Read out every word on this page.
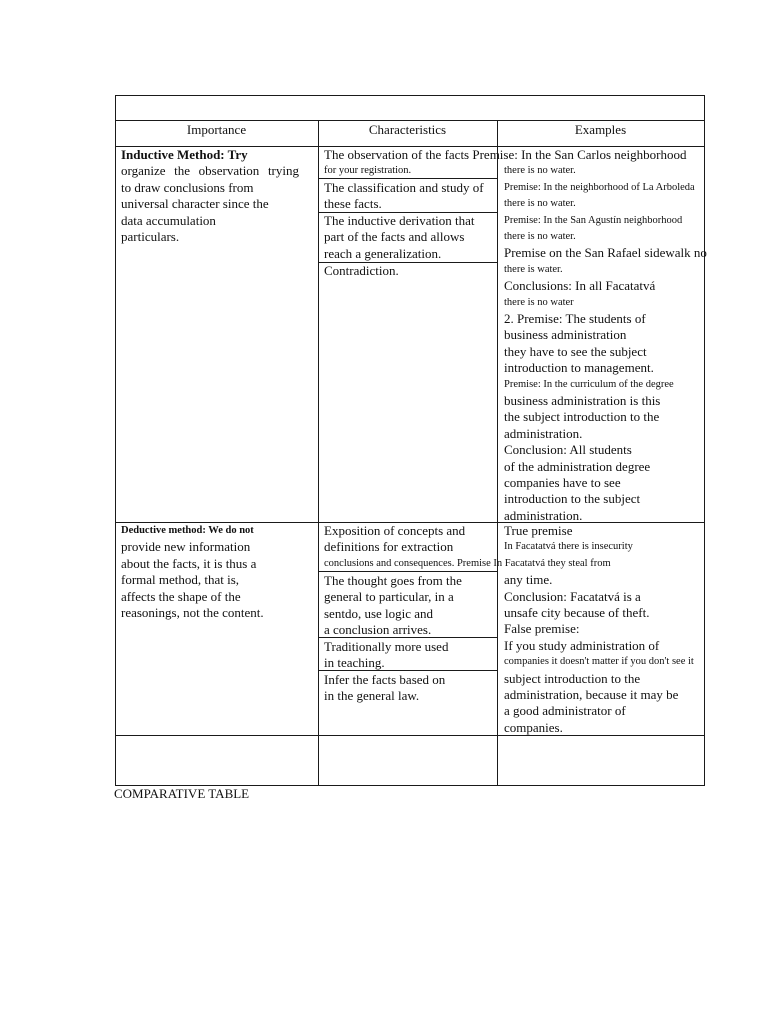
Importance	Characteristics	Examples
COMPARATIVE TABLE
Inductive Method: Try
organize the observation trying
to draw conclusions from
universal character since the
data accumulation
particulars.
The observation of the facts Premise: In the San Carlos neighborhood
for your registration.
The classification and study of
these facts.
The inductive derivation that
part of the facts and allows
reach a generalization.
Contradiction.
there is no water.
Premise: In the neighborhood of La Arboleda
there is no water.
Premise: In the San Agustín neighborhood
there is no water.
Premise on the San Rafael sidewalk no
there is water.
Conclusions: In all Facatatvá
there is no water
2. Premise: The students of
business administration
they have to see the subject
introduction to management.
Premise: In the curriculum of the degree
business administration is this
the subject introduction to the
administration.
Conclusion: All students
of the administration degree
companies have to see
introduction to the subject
administration.
Deductive method: We do not
provide new information
about the facts, it is thus a
formal method, that is,
affects the shape of the
reasonings, not the content.
Exposition of concepts and
definitions for extraction
conclusions and consequences. Premise In Facatatvá they steal from
The thought goes from the
general to particular, in a
sentdo, use logic and
a conclusion arrives.
Traditionally more used
in teaching.
Infer the facts based on
in the general law.
True premise
In Facatatvá there is insecurity
any time.
Conclusion: Facatatvá is a
unsafe city because of theft.
False premise:
If you study administration of
companies it doesn't matter if you don't see it
subject introduction to the
administration, because it may be
a good administrator of
companies.
